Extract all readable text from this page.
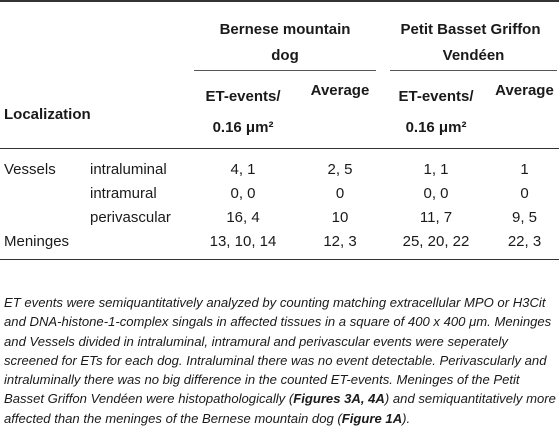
		Bernese mountain		Petit Basset Griffon	

		dog		Vendéen	

Localization		ET-events/	Average	ET-events/	Average
		0.16 μm²		0.16 μm²	
Vessels	intraluminal	4, 1	2, 5	1, 1	1
	intramural	0, 0	0	0, 0	0
	perivascular	16, 4	10	11, 7	9, 5
Meninges		13, 10, 14	12, 3	25, 20, 22	22, 3

ET events were semiquantitatively analyzed by counting matching extracellular MPO or H3Cit and DNA-histone-1-complex singals in affected tissues in a square of 400 x 400 μm. Meninges and Vessels divided in intraluminal, intramural and perivascular events were seperately screened for ETs for each dog. Intraluminal there was no event detectable. Perivascularly and intraluminally there was no big difference in the counted ET-events. Meninges of the Petit Basset Griffon Vendéen were histopathologically (Figures 3A, 4A) and semiquantitatively more affected than the meninges of the Bernese mountain dog (Figure 1A).
